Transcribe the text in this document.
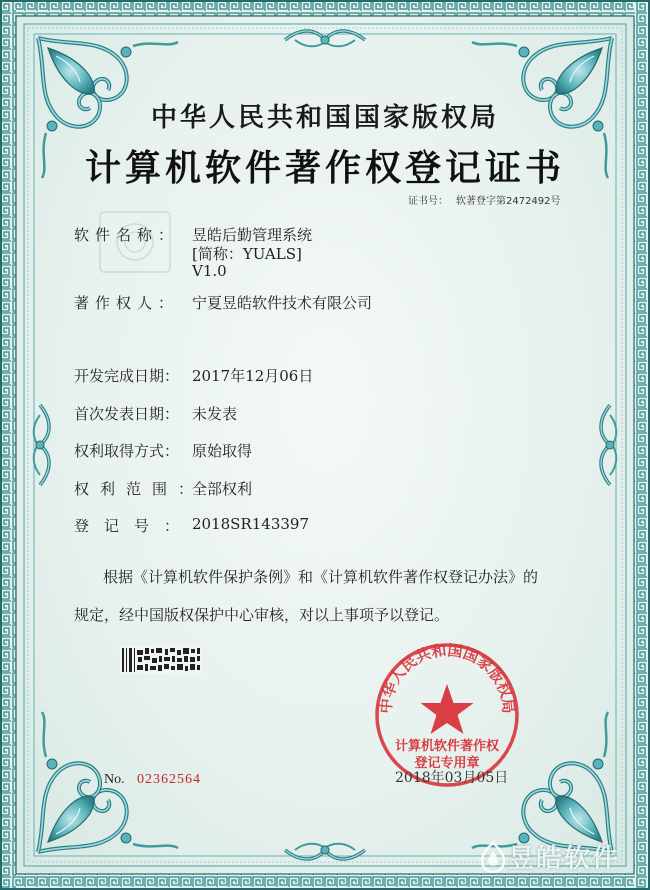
中华人民共和国国家版权局
计算机软件著作权登记证书
证书号： 软著登字第2472492号
软件名称： 昱皓后勤管理系统
[简称：YUALS]
V1.0
著作权人： 宁夏昱皓软件技术有限公司
开发完成日期： 2017年12月06日
首次发表日期： 未发表
权利取得方式： 原始取得
权利范围：
全部权利
登记号：
2018SR143397
根据《计算机软件保护条例》和《计算机软件著作权登记办法》的
规定，经中国版权保护中心审核，对以上事项予以登记。
中华人民共和国国家版权局
计算机软件著作权
登记专用章
No. 02362564	2018年03月05日
昱皓软件
